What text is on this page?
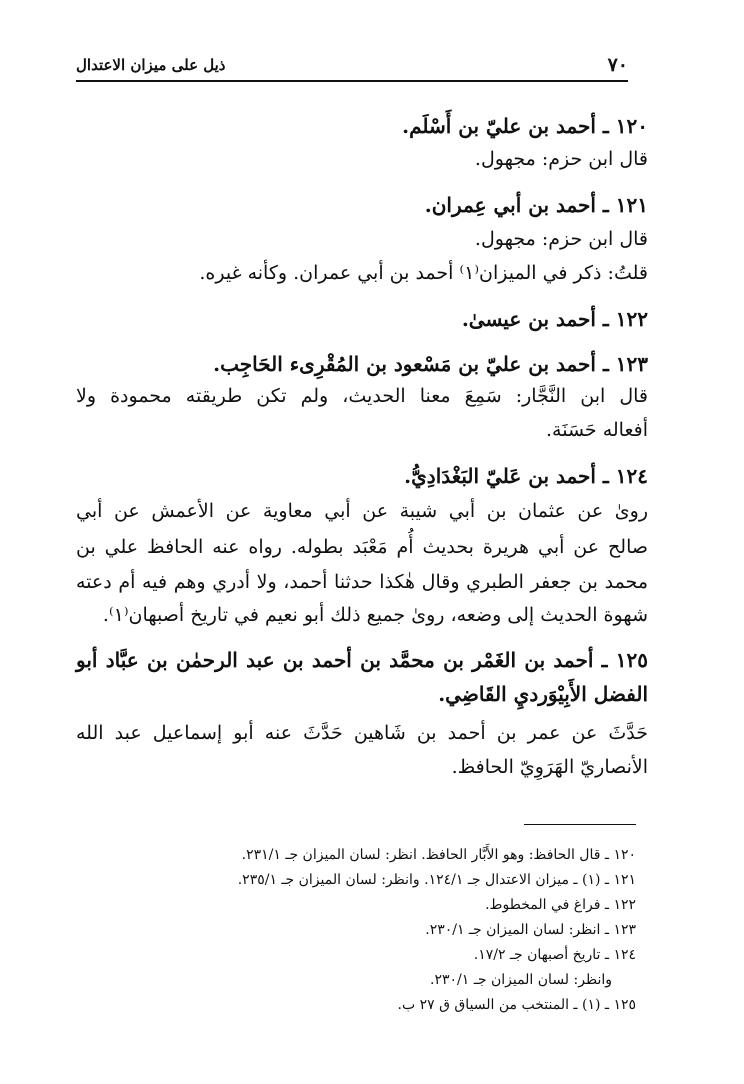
٧٠
ذيل على ميزان الاعتدال
١٢٠ ـ أحمد بن عليّ بن أَسْلَم.
قال ابن حزم: مجهول.
١٢١ ـ أحمد بن أبي عِمران.
قال ابن حزم: مجهول.
قلتُ: ذكر في الميزان⁽١⁾ أحمد بن أبي عمران. وكأنه غيره.
١٢٢ ـ أحمد بن عيسىٰ.
١٢٣ ـ أحمد بن عليّ بن مَسْعود بن المُقْرِىء الحَاجِب.
قال ابن النَّجَّار: سَمِعَ معنا الحديث، ولم تكن طريقته محمودة ولا
أفعاله حَسَنَة.
١٢٤ ـ أحمد بن عَليّ البَغْدَادِيُّ.
روىٰ عن عثمان بن أبي شيبة عن أبي معاوية عن الأعمش عن أبي
صالح عن أبي هريرة بحديث أُم مَعْبَد بطوله. رواه عنه الحافظ علي بن
محمد بن جعفر الطبري وقال هٰكذا حدثنا أحمد، ولا أدري وهم فيه أم دعته
شهوة الحديث إلى وضعه، روىٰ جميع ذلك أبو نعيم في تاريخ أصبهان⁽١⁾.
١٢٥ ـ أحمد بن الغَمْر بن محمَّد بن أحمد بن عبد الرحمٰن بن عبَّاد أبو
الفضل الأَبِيْوَرديِ القَاضِي.
حَدَّثَ عن عمر بن أحمد بن شَاهين حَدَّثَ عنه أبو إسماعيل عبد الله
الأنصاريّ الهَرَوِيّ الحافظ.
١٢٠ ـ قال الحافظ: وهو الأَبَّار الحافظ. انظر: لسان الميزان جـ ٢٣١/١.
١٢١ ـ (١) ـ ميزان الاعتدال جـ ١٢٤/١. وانظر: لسان الميزان جـ ٢٣٥/١.
١٢٢ ـ فراغ في المخطوط.
١٢٣ ـ انظر: لسان الميزان جـ ٢٣٠/١.
١٢٤ ـ تاريخ أصبهان جـ ١٧/٢.
وانظر: لسان الميزان جـ ٢٣٠/١.
١٢٥ ـ (١) ـ المنتخب من السياق ق ٢٧ ب.
